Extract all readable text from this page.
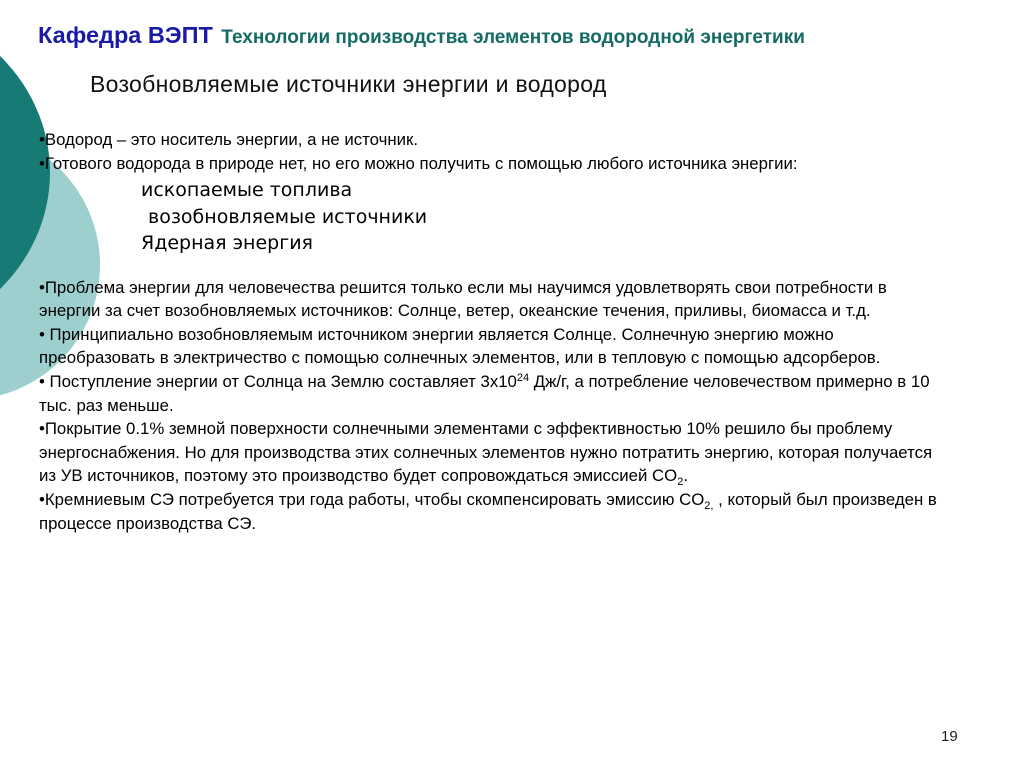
Кафедра ВЭПТ Технологии производства элементов водородной энергетики
Возобновляемые источники энергии и водород

•Водород – это носитель энергии, а не источник.

•Готового водорода в природе нет, но его можно получить с помощью любого источника энергии:

ископаемые топлива
возобновляемые источники
Ядерная энергия

•Проблема энергии для человечества решится только если мы научимся удовлетворять свои потребности в энергии за счет возобновляемых источников: Солнце, ветер, океанские течения, приливы, биомасса и т.д.

• Принципиально возобновляемым источником энергии является Солнце. Солнечную энергию можно преобразовать в электричество с помощью солнечных элементов, или в тепловую с помощью адсорберов.

• Поступление энергии от Солнца на Землю составляет $3x10^{24}$ Дж/г, а потребление человечеством примерно в 10 тыс. раз меньше.

•Покрытие 0.1% земной поверхности солнечными элементами с эффективностью 10% решило бы проблему энергоснабжения. Но для производства этих солнечных элементов нужно потратить энергию, которая получается из УВ источников, поэтому это производство будет сопровождаться эмиссией $CO_2$.

•Кремниевым СЭ потребуется три года работы, чтобы скомпенсировать эмиссию $CO_{2,}$ , который был произведен в процессе производства СЭ.

19
